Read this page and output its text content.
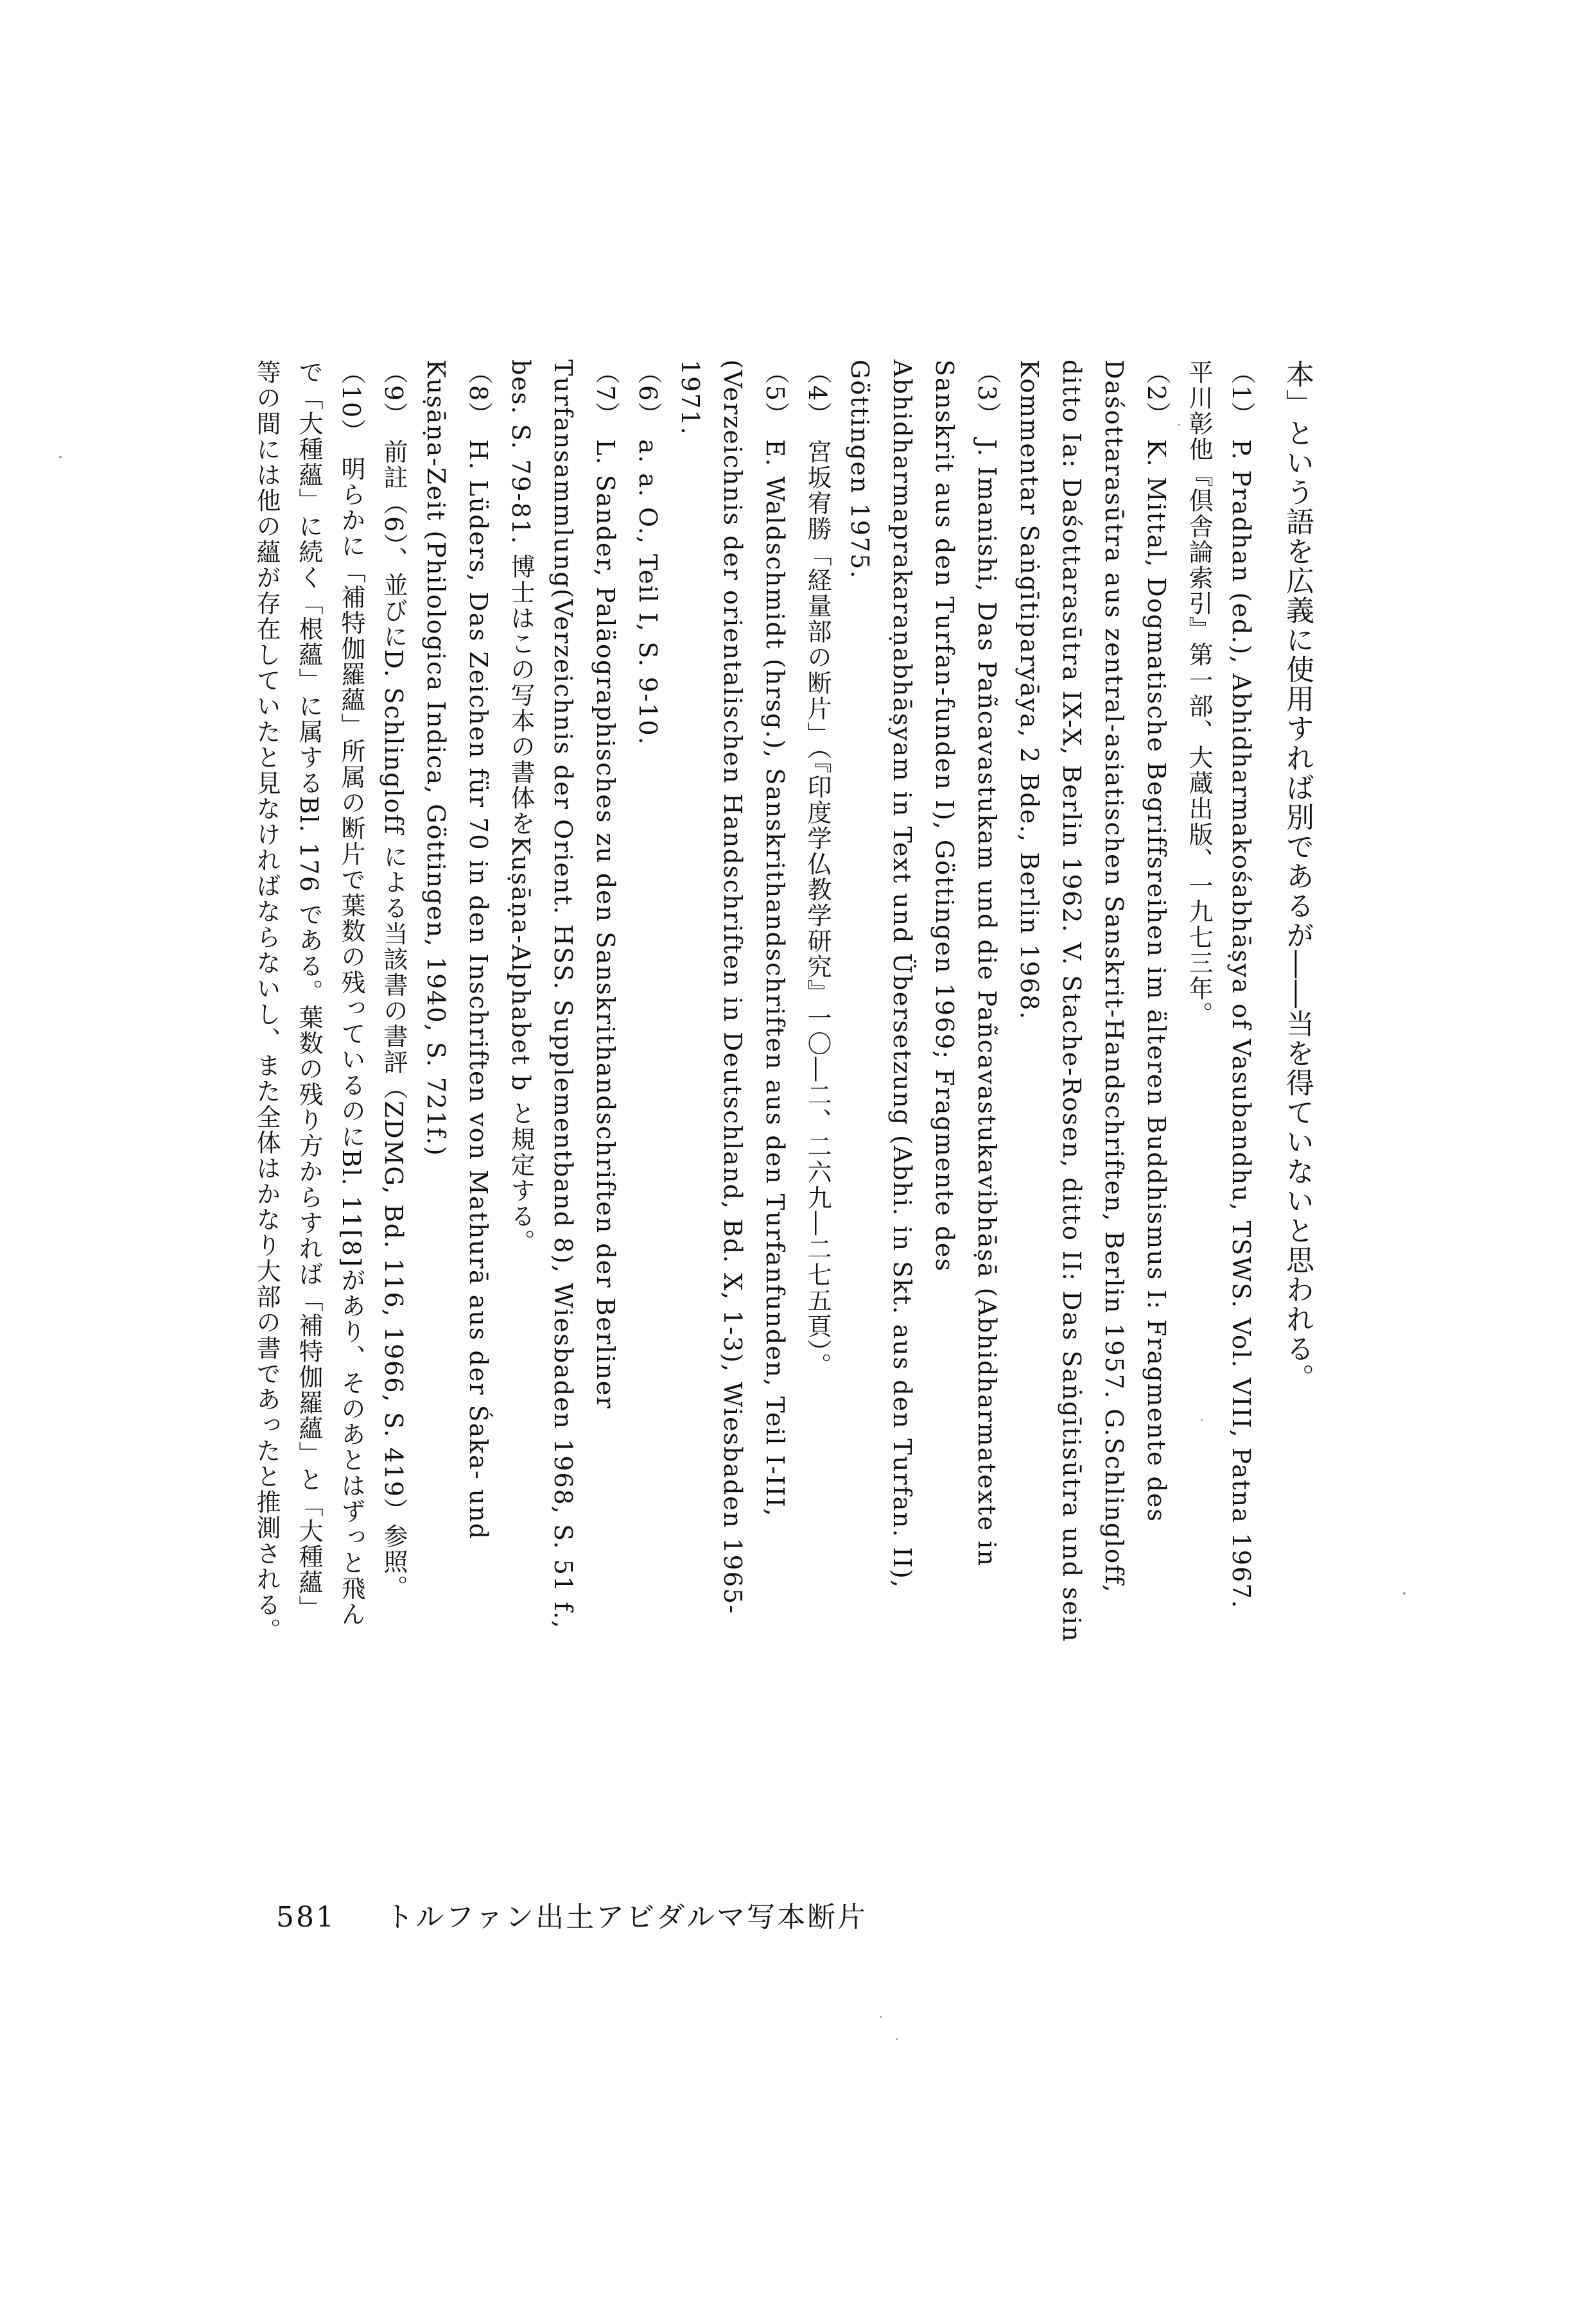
本」という語を広義に使用すれば別であるが――当を得ていないと思われる。
（1）P. Pradhan (ed.), Abhidharmakośabhāṣya of Vasubandhu, TSWS. Vol. VIII, Patna 1967. 平川彰他『倶舎論索引』第一部、大蔵出版、一九七三年。
（2）K. Mittal, Dogmatische Begriffsreihen im älteren Buddhismus I: Fragmente des Daśottarasūtra aus zentral-asiatischen Sanskrit-Handschriften, Berlin 1957. G.Schlingloff, ditto Ia: Daśottarasūtra IX-X, Berlin 1962. V. Stache-Rosen, ditto II: Das Saṅgītisūtra und sein Kommentar Saṅgītiparyāya, 2 Bde., Berlin 1968.
（3）J. Imanishi, Das Pañcavastukam und die Pañcavastukavibhāṣā (Abhidharmatexte in Sanskrit aus den Turfan-funden I), Göttingen 1969; Fragmente des Abhidharmaprakaraṇabhāṣyam in Text und Übersetzung (Abhi. in Skt. aus den Turfan. II), Göttingen 1975.
（4）宮坂宥勝「経量部の断片」（『印度学仏教学研究』一〇―二、二六九―二七五頁）。
（5）E. Waldschmidt (hrsg.), Sanskrithandschriften aus den Turfanfunden, Teil I-III, (Verzeichnis der orientalischen Handschriften in Deutschland, Bd. X, 1-3), Wiesbaden 1965-1971.
（6）a. a. O., Teil I, S. 9-10.
（7）L. Sander, Paläographisches zu den Sanskrithandschriften der Berliner Turfansammlung(Verzeichnis der Orient. HSS. Supplementband 8), Wiesbaden 1968, S. 51 f., bes. S. 79-81. 博士はこの写本の書体をKuṣāṇa-Alphabet b と規定する。
（8）H. Lüders, Das Zeichen für 70 in den Inschriften von Mathurā aus der Śaka- und Kuṣāṇa-Zeit (Philologica Indica, Göttingen, 1940, S. 721f.)
（9）前註（6）、並びにD. Schlingloff による当該書の書評（ZDMG, Bd. 116, 1966, S. 419）参照。
（10）明らかに「補特伽羅蘊」所属の断片で葉数の残っているのにBl. 11[8]があり、そのあとはずっと飛んで「大種蘊」に続く「根蘊」に属するBl. 176 である。葉数の残り方からすれば「補特伽羅蘊」と「大種蘊」等の間には他の蘊が存在していたと見なければならないし、また全体はかなり大部の書であったと推測される。
581 トルファン出土アビダルマ写本断片
